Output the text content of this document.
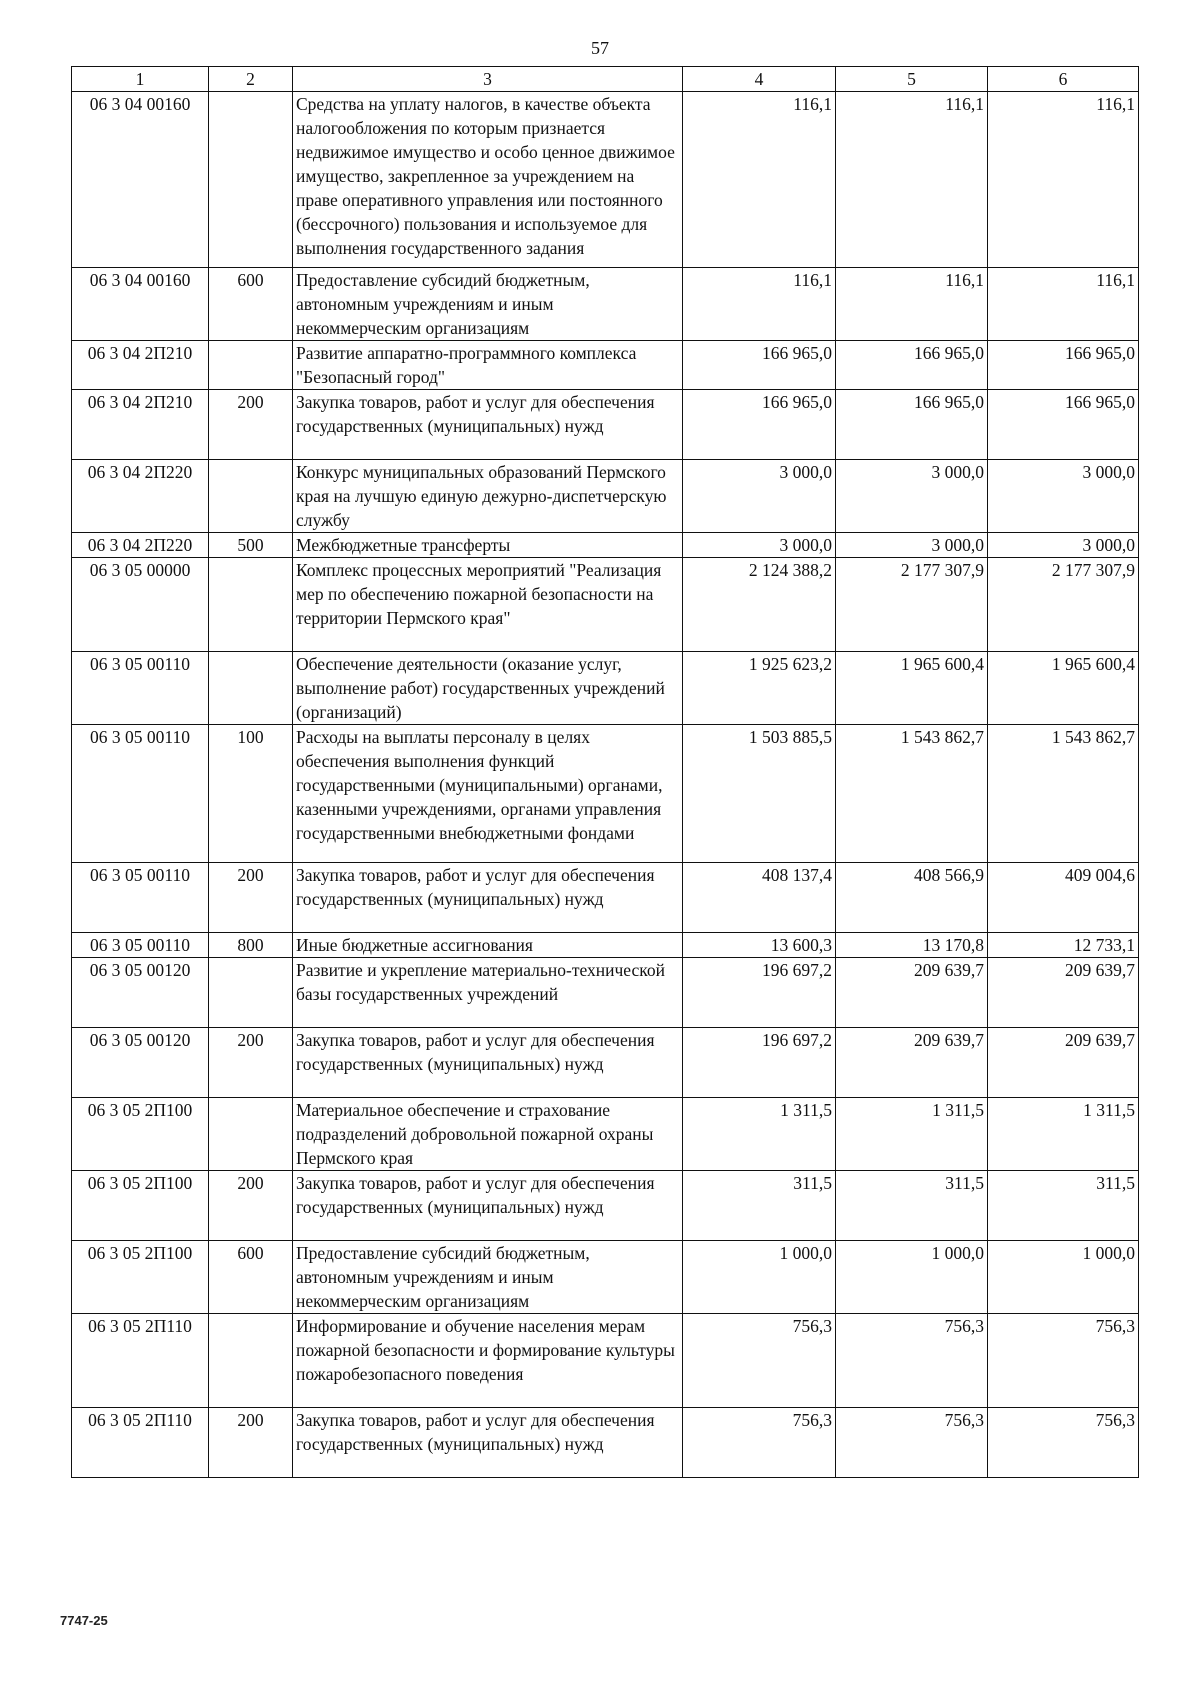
57
1	2	3	4	5	6
06 3 04 00160		Средства на уплату налогов, в качестве объекта налогообложения по которым признается недвижимое имущество и особо ценное движимое имущество, закрепленное за учреждением на праве оперативного управления или постоянного (бессрочного) пользования и используемое для выполнения государственного задания	116,1	116,1	116,1
06 3 04 00160	600	Предоставление субсидий бюджетным, автономным учреждениям и иным некоммерческим организациям	116,1	116,1	116,1
06 3 04 2П210		Развитие аппаратно-программного комплекса "Безопасный город"	166 965,0	166 965,0	166 965,0
06 3 04 2П210	200	Закупка товаров, работ и услуг для обеспечения государственных (муниципальных) нужд	166 965,0	166 965,0	166 965,0
06 3 04 2П220		Конкурс муниципальных образований Пермского края на лучшую единую дежурно-диспетчерскую службу	3 000,0	3 000,0	3 000,0
06 3 04 2П220	500	Межбюджетные трансферты	3 000,0	3 000,0	3 000,0
06 3 05 00000		Комплекс процессных мероприятий "Реализация мер по обеспечению пожарной безопасности на территории Пермского края"	2 124 388,2	2 177 307,9	2 177 307,9
06 3 05 00110		Обеспечение деятельности (оказание услуг, выполнение работ) государственных учреждений (организаций)	1 925 623,2	1 965 600,4	1 965 600,4
06 3 05 00110	100	Расходы на выплаты персоналу в целях обеспечения выполнения функций государственными (муниципальными) органами, казенными учреждениями, органами управления государственными внебюджетными фондами	1 503 885,5	1 543 862,7	1 543 862,7
06 3 05 00110	200	Закупка товаров, работ и услуг для обеспечения государственных (муниципальных) нужд	408 137,4	408 566,9	409 004,6
06 3 05 00110	800	Иные бюджетные ассигнования	13 600,3	13 170,8	12 733,1
06 3 05 00120		Развитие и укрепление материально-технической базы государственных учреждений	196 697,2	209 639,7	209 639,7
06 3 05 00120	200	Закупка товаров, работ и услуг для обеспечения государственных (муниципальных) нужд	196 697,2	209 639,7	209 639,7
06 3 05 2П100		Материальное обеспечение и страхование подразделений добровольной пожарной охраны Пермского края	1 311,5	1 311,5	1 311,5
06 3 05 2П100	200	Закупка товаров, работ и услуг для обеспечения государственных (муниципальных) нужд	311,5	311,5	311,5
06 3 05 2П100	600	Предоставление субсидий бюджетным, автономным учреждениям и иным некоммерческим организациям	1 000,0	1 000,0	1 000,0
06 3 05 2П110		Информирование и обучение населения мерам пожарной безопасности и формирование культуры пожаробезопасного поведения	756,3	756,3	756,3
06 3 05 2П110	200	Закупка товаров, работ и услуг для обеспечения государственных (муниципальных) нужд	756,3	756,3	756,3
7747-25
